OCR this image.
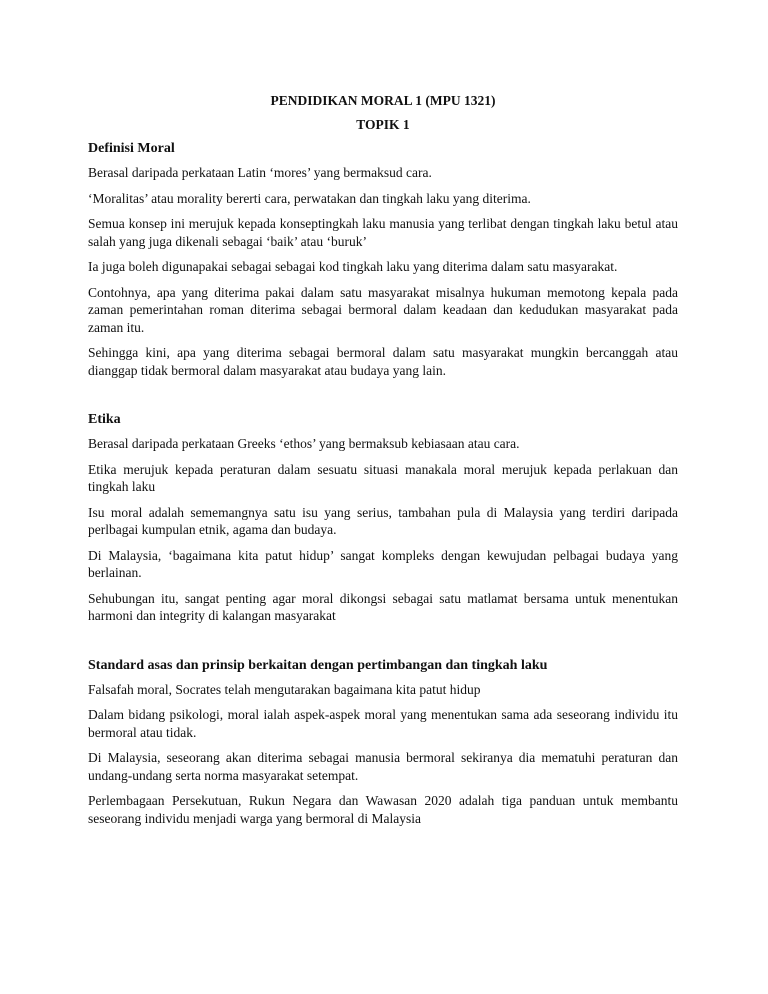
PENDIDIKAN MORAL 1 (MPU 1321)
TOPIK 1
Definisi Moral

Berasal daripada perkataan Latin ‘mores’ yang bermaksud cara.

‘Moralitas’ atau morality bererti cara, perwatakan dan tingkah laku yang diterima.

Semua konsep ini merujuk kepada konseptingkah laku manusia yang terlibat dengan tingkah laku betul atau salah yang juga dikenali sebagai ‘baik’ atau ‘buruk’

Ia juga boleh digunapakai sebagai sebagai kod tingkah laku yang diterima dalam satu masyarakat.

Contohnya, apa yang diterima pakai dalam satu masyarakat misalnya hukuman memotong kepala pada zaman pemerintahan roman diterima sebagai bermoral dalam keadaan dan kedudukan masyarakat pada zaman itu.

Sehingga kini, apa yang diterima sebagai bermoral dalam satu masyarakat mungkin bercanggah atau dianggap tidak bermoral dalam masyarakat atau budaya yang lain.

Etika

Berasal daripada perkataan Greeks ‘ethos’ yang bermaksub kebiasaan atau cara.

Etika merujuk kepada peraturan dalam sesuatu situasi manakala moral merujuk kepada perlakuan dan tingkah laku

Isu moral adalah sememangnya satu isu yang serius, tambahan pula di Malaysia yang terdiri daripada perlbagai kumpulan etnik, agama dan budaya.

Di Malaysia, ‘bagaimana kita patut hidup’ sangat kompleks dengan kewujudan pelbagai budaya yang berlainan.

Sehubungan itu, sangat penting agar moral dikongsi sebagai satu matlamat bersama untuk menentukan harmoni dan integrity di kalangan masyarakat

Standard asas dan prinsip berkaitan dengan pertimbangan dan tingkah laku

Falsafah moral, Socrates telah mengutarakan bagaimana kita patut hidup

Dalam bidang psikologi, moral ialah aspek-aspek moral yang menentukan sama ada seseorang individu itu bermoral atau tidak.

Di Malaysia, seseorang akan diterima sebagai manusia bermoral sekiranya dia mematuhi peraturan dan undang-undang serta norma masyarakat setempat.

Perlembagaan Persekutuan, Rukun Negara dan Wawasan 2020 adalah tiga panduan untuk membantu seseorang individu menjadi warga yang bermoral di Malaysia
